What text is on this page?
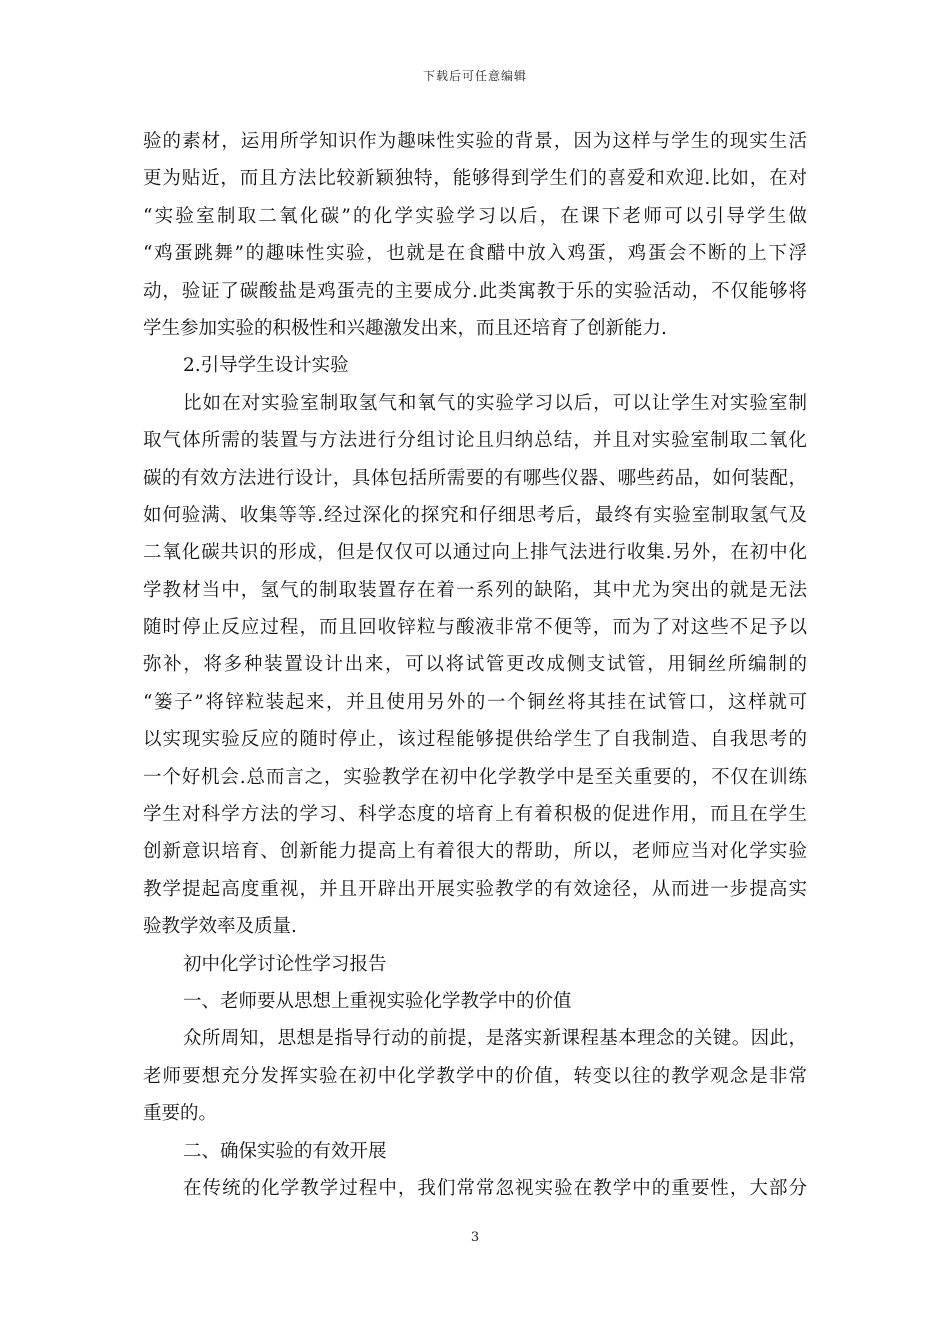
下载后可任意编辑
验的素材，运用所学知识作为趣味性实验的背景，因为这样与学生的现实生活
更为贴近，而且方法比较新颖独特，能够得到学生们的喜爱和欢迎.比如，在对
“实验室制取二氧化碳”的化学实验学习以后，在课下老师可以引导学生做
“鸡蛋跳舞”的趣味性实验，也就是在食醋中放入鸡蛋，鸡蛋会不断的上下浮
动，验证了碳酸盐是鸡蛋壳的主要成分.此类寓教于乐的实验活动，不仅能够将
学生参加实验的积极性和兴趣激发出来，而且还培育了创新能力.
2.引导学生设计实验
比如在对实验室制取氢气和氧气的实验学习以后，可以让学生对实验室制
取气体所需的装置与方法进行分组讨论且归纳总结，并且对实验室制取二氧化
碳的有效方法进行设计，具体包括所需要的有哪些仪器、哪些药品，如何装配，
如何验满、收集等等.经过深化的探究和仔细思考后，最终有实验室制取氢气及
二氧化碳共识的形成，但是仅仅可以通过向上排气法进行收集.另外，在初中化
学教材当中，氢气的制取装置存在着一系列的缺陷，其中尤为突出的就是无法
随时停止反应过程，而且回收锌粒与酸液非常不便等，而为了对这些不足予以
弥补，将多种装置设计出来，可以将试管更改成侧支试管，用铜丝所编制的
“篓子”将锌粒装起来，并且使用另外的一个铜丝将其挂在试管口，这样就可
以实现实验反应的随时停止，该过程能够提供给学生了自我制造、自我思考的
一个好机会.总而言之，实验教学在初中化学教学中是至关重要的，不仅在训练
学生对科学方法的学习、科学态度的培育上有着积极的促进作用，而且在学生
创新意识培育、创新能力提高上有着很大的帮助，所以，老师应当对化学实验
教学提起高度重视，并且开辟出开展实验教学的有效途径，从而进一步提高实
验教学效率及质量.
初中化学讨论性学习报告
一、老师要从思想上重视实验化学教学中的价值
众所周知，思想是指导行动的前提，是落实新课程基本理念的关键。因此，
老师要想充分发挥实验在初中化学教学中的价值，转变以往的教学观念是非常
重要的。
二、确保实验的有效开展
在传统的化学教学过程中，我们常常忽视实验在教学中的重要性，大部分
3
